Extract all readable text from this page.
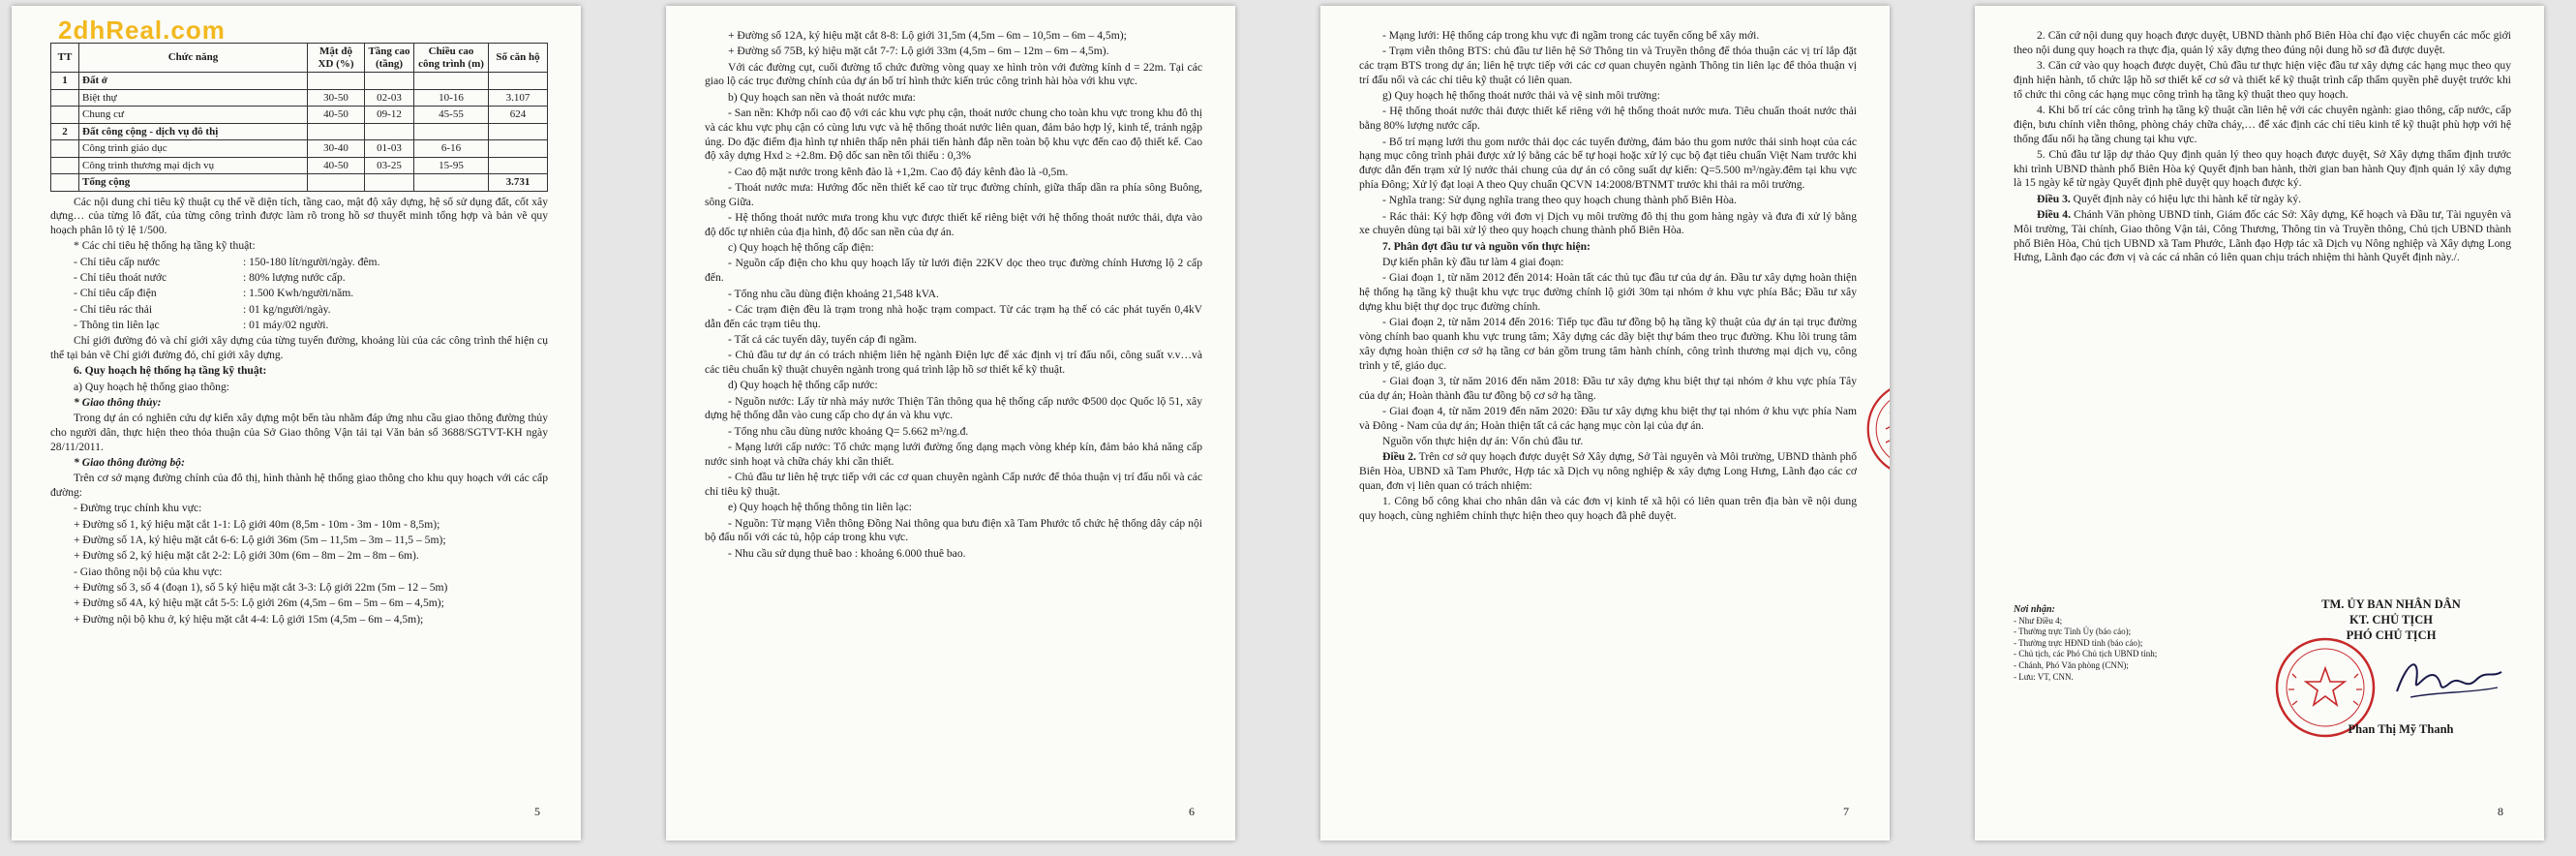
2dhReal.com
TT	Chức năng	Mật độ XD (%)	Tầng cao (tầng)	Chiều cao công trình (m)	Số căn hộ
1	Đất ở				
	Biệt thự	30-50	02-03	10-16	3.107
	Chung cư	40-50	09-12	45-55	624
2	Đất công cộng - dịch vụ đô thị				
	Công trình giáo dục	30-40	01-03	6-16	
	Công trình thương mại dịch vụ	40-50	03-25	15-95	
	Tổng cộng				3.731

Các nội dung chỉ tiêu kỹ thuật cụ thể về diện tích, tầng cao, mật độ xây dựng, hệ số sử dụng đất, cốt xây dựng… của từng lô đất, của từng công trình được làm rõ trong hồ sơ thuyết minh tổng hợp và bản vẽ quy hoạch phân lô tỷ lệ 1/500.

* Các chỉ tiêu hệ thống hạ tầng kỹ thuật:

- Chỉ tiêu cấp nước	: 150-180 lít/người/ngày. đêm.
- Chỉ tiêu thoát nước	: 80% lượng nước cấp.
- Chỉ tiêu cấp điện	: 1.500 Kwh/người/năm.
- Chỉ tiêu rác thải	: 01 kg/người/ngày.
- Thông tin liên lạc	: 01 máy/02 người.

Chỉ giới đường đỏ và chỉ giới xây dựng của từng tuyến đường, khoảng lùi của các công trình thể hiện cụ thể tại bản vẽ Chỉ giới đường đỏ, chỉ giới xây dựng.

6. Quy hoạch hệ thống hạ tầng kỹ thuật:

a) Quy hoạch hệ thống giao thông:

* Giao thông thủy:

Trong dự án có nghiên cứu dự kiến xây dựng một bến tàu nhằm đáp ứng nhu cầu giao thông đường thủy cho người dân, thực hiện theo thỏa thuận của Sở Giao thông Vận tải tại Văn bản số 3688/SGTVT-KH ngày 28/11/2011.

* Giao thông đường bộ:

Trên cơ sở mạng đường chính của đô thị, hình thành hệ thống giao thông cho khu quy hoạch với các cấp đường:

- Đường trục chính khu vực:

+ Đường số 1, ký hiệu mặt cắt 1-1: Lộ giới 40m (8,5m - 10m - 3m - 10m - 8,5m);

+ Đường số 1A, ký hiệu mặt cắt 6-6: Lộ giới 36m (5m – 11,5m – 3m – 11,5 – 5m);

+ Đường số 2, ký hiệu mặt cắt 2-2: Lộ giới 30m (6m – 8m – 2m – 8m – 6m).

- Giao thông nội bộ của khu vực:

+ Đường số 3, số 4 (đoạn 1), số 5 ký hiệu mặt cắt 3-3: Lộ giới 22m (5m – 12 – 5m)

+ Đường số 4A, ký hiệu mặt cắt 5-5: Lộ giới 26m (4,5m – 6m – 5m – 6m – 4,5m);

+ Đường nội bộ khu ở, ký hiệu mặt cắt 4-4: Lộ giới 15m (4,5m – 6m – 4,5m);

5

+ Đường số 12A, ký hiệu mặt cắt 8-8: Lộ giới 31,5m (4,5m – 6m – 10,5m – 6m – 4,5m);

+ Đường số 75B, ký hiệu mặt cắt 7-7: Lộ giới 33m (4,5m – 6m – 12m – 6m – 4,5m).

Với các đường cụt, cuối đường tổ chức đường vòng quay xe hình tròn với đường kính d = 22m. Tại các giao lộ các trục đường chính của dự án bố trí hình thức kiến trúc công trình hài hòa với khu vực.

b) Quy hoạch san nền và thoát nước mưa:

- San nền: Khớp nối cao độ với các khu vực phụ cận, thoát nước chung cho toàn khu vực trong khu đô thị và các khu vực phụ cận có cùng lưu vực và hệ thống thoát nước liên quan, đảm bảo hợp lý, kinh tế, tránh ngập úng. Do đặc điểm địa hình tự nhiên thấp nên phải tiến hành đắp nền toàn bộ khu vực đến cao độ thiết kế. Cao độ xây dựng Hxd ≥ +2.8m. Độ dốc san nền tối thiểu : 0,3%

- Cao độ mặt nước trong kênh đào là +1,2m. Cao độ đáy kênh đào là -0,5m.

- Thoát nước mưa: Hướng đốc nền thiết kế cao từ trục đường chính, giữa thấp dần ra phía sông Buông, sông Giữa.

- Hệ thống thoát nước mưa trong khu vực được thiết kế riêng biệt với hệ thống thoát nước thải, dựa vào độ dốc tự nhiên của địa hình, độ dốc san nền của dự án.

c) Quy hoạch hệ thống cấp điện:

- Nguồn cấp điện cho khu quy hoạch lấy từ lưới điện 22KV dọc theo trục đường chính Hương lộ 2 cấp đến.

- Tổng nhu cầu dùng điện khoảng 21,548 kVA.

- Các trạm điện đều là trạm trong nhà hoặc trạm compact. Từ các trạm hạ thế có các phát tuyến 0,4kV dẫn đến các trạm tiêu thụ.

- Tất cả các tuyến dây, tuyến cáp đi ngầm.

- Chủ đầu tư dự án có trách nhiệm liên hệ ngành Điện lực để xác định vị trí đấu nối, công suất v.v…và các tiêu chuẩn kỹ thuật chuyên ngành trong quá trình lập hồ sơ thiết kế kỹ thuật.

d) Quy hoạch hệ thống cấp nước:

- Nguồn nước: Lấy từ nhà máy nước Thiện Tân thông qua hệ thống cấp nước Φ500 dọc Quốc lộ 51, xây dựng hệ thống dẫn vào cung cấp cho dự án và khu vực.

- Tổng nhu cầu dùng nước khoảng Q= 5.662 m³/ng.đ.

- Mạng lưới cấp nước: Tổ chức mạng lưới đường ống dạng mạch vòng khép kín, đảm bảo khả năng cấp nước sinh hoạt và chữa cháy khi cần thiết.

- Chủ đầu tư liên hệ trực tiếp với các cơ quan chuyên ngành Cấp nước để thỏa thuận vị trí đấu nối và các chỉ tiêu kỹ thuật.

e) Quy hoạch hệ thống thông tin liên lạc:

- Nguồn: Từ mạng Viễn thông Đồng Nai thông qua bưu điện xã Tam Phước tổ chức hệ thống dây cáp nội bộ đấu nối với các tủ, hộp cáp trong khu vực.

- Nhu cầu sử dụng thuê bao : khoảng 6.000 thuê bao.

6

- Mạng lưới: Hệ thống cáp trong khu vực đi ngầm trong các tuyến cống bể xây mới.

- Trạm viễn thông BTS: chủ đầu tư liên hệ Sở Thông tin và Truyền thông để thỏa thuận các vị trí lắp đặt các trạm BTS trong dự án; liên hệ trực tiếp với các cơ quan chuyên ngành Thông tin liên lạc để thỏa thuận vị trí đấu nối và các chỉ tiêu kỹ thuật có liên quan.

g) Quy hoạch hệ thống thoát nước thải và vệ sinh môi trường:

- Hệ thống thoát nước thải được thiết kế riêng với hệ thống thoát nước mưa. Tiêu chuẩn thoát nước thải bằng 80% lượng nước cấp.

- Bố trí mạng lưới thu gom nước thải dọc các tuyến đường, đảm bảo thu gom nước thải sinh hoạt của các hạng mục công trình phải được xử lý bằng các bể tự hoại hoặc xử lý cục bộ đạt tiêu chuẩn Việt Nam trước khi được dẫn đến trạm xử lý nước thải chung của dự án có công suất dự kiến: Q=5.500 m³/ngày.đêm tại khu vực phía Đông; Xử lý đạt loại A theo Quy chuẩn QCVN 14:2008/BTNMT trước khi thải ra môi trường.

- Nghĩa trang: Sử dụng nghĩa trang theo quy hoạch chung thành phố Biên Hòa.

- Rác thải: Ký hợp đồng với đơn vị Dịch vụ môi trường đô thị thu gom hàng ngày và đưa đi xử lý bằng xe chuyên dùng tại bãi xử lý theo quy hoạch chung thành phố Biên Hòa.

7. Phân đợt đầu tư và nguồn vốn thực hiện:

Dự kiến phân kỳ đầu tư làm 4 giai đoạn:

- Giai đoạn 1, từ năm 2012 đến 2014: Hoàn tất các thủ tục đầu tư của dự án. Đầu tư xây dựng hoàn thiện hệ thống hạ tầng kỹ thuật khu vực trục đường chính lộ giới 30m tại nhóm ở khu vực phía Bắc; Đầu tư xây dựng khu biệt thự dọc trục đường chính.

- Giai đoạn 2, từ năm 2014 đến 2016: Tiếp tục đầu tư đồng bộ hạ tầng kỹ thuật của dự án tại trục đường vòng chính bao quanh khu vực trung tâm; Xây dựng các dãy biệt thự bám theo trục đường. Khu lõi trung tâm xây dựng hoàn thiện cơ sở hạ tầng cơ bản gồm trung tâm hành chính, công trình thương mại dịch vụ, công trình y tế, giáo dục.

- Giai đoạn 3, từ năm 2016 đến năm 2018: Đầu tư xây dựng khu biệt thự tại nhóm ở khu vực phía Tây của dự án; Hoàn thành đầu tư đồng bộ cơ sở hạ tầng.

- Giai đoạn 4, từ năm 2019 đến năm 2020: Đầu tư xây dựng khu biệt thự tại nhóm ở khu vực phía Nam và Đông - Nam của dự án; Hoàn thiện tất cả các hạng mục còn lại của dự án.

Nguồn vốn thực hiện dự án: Vốn chủ đầu tư.

Điều 2. Trên cơ sở quy hoạch được duyệt Sở Xây dựng, Sở Tài nguyên và Môi trường, UBND thành phố Biên Hòa, UBND xã Tam Phước, Hợp tác xã Dịch vụ nông nghiệp & xây dựng Long Hưng, Lãnh đạo các cơ quan, đơn vị liên quan có trách nhiệm:

1. Công bố công khai cho nhân dân và các đơn vị kinh tế xã hội có liên quan trên địa bàn về nội dung quy hoạch, cùng nghiêm chỉnh thực hiện theo quy hoạch đã phê duyệt.

7

2. Căn cứ nội dung quy hoạch được duyệt, UBND thành phố Biên Hòa chỉ đạo việc chuyển các mốc giới theo nội dung quy hoạch ra thực địa, quản lý xây dựng theo đúng nội dung hồ sơ đã được duyệt.

3. Căn cứ vào quy hoạch được duyệt, Chủ đầu tư thực hiện việc đầu tư xây dựng các hạng mục theo quy định hiện hành, tổ chức lập hồ sơ thiết kế cơ sở và thiết kế kỹ thuật trình cấp thẩm quyền phê duyệt trước khi tổ chức thi công các hạng mục công trình hạ tầng kỹ thuật theo quy hoạch.

4. Khi bố trí các công trình hạ tầng kỹ thuật cần liên hệ với các chuyên ngành: giao thông, cấp nước, cấp điện, bưu chính viễn thông, phòng cháy chữa cháy,… để xác định các chỉ tiêu kinh tế kỹ thuật phù hợp với hệ thống đấu nối hạ tầng chung tại khu vực.

5. Chủ đầu tư lập dự thảo Quy định quản lý theo quy hoạch được duyệt, Sở Xây dựng thẩm định trước khi trình UBND thành phố Biên Hòa ký Quyết định ban hành, thời gian ban hành Quy định quản lý xây dựng là 15 ngày kể từ ngày Quyết định phê duyệt quy hoạch được ký.

Điều 3. Quyết định này có hiệu lực thi hành kể từ ngày ký.

Điều 4. Chánh Văn phòng UBND tỉnh, Giám đốc các Sở: Xây dựng, Kế hoạch và Đầu tư, Tài nguyên và Môi trường, Tài chính, Giao thông Vận tải, Công Thương, Thông tin và Truyền thông, Chủ tịch UBND thành phố Biên Hòa, Chủ tịch UBND xã Tam Phước, Lãnh đạo Hợp tác xã Dịch vụ Nông nghiệp và Xây dựng Long Hưng, Lãnh đạo các đơn vị và các cá nhân có liên quan chịu trách nhiệm thi hành Quyết định này./.

Nơi nhận:
- Như Điều 4;
- Thường trực Tỉnh Ủy (báo cáo);
- Thường trực HĐND tỉnh (báo cáo);
- Chủ tịch, các Phó Chủ tịch UBND tỉnh;
- Chánh, Phó Văn phòng (CNN);
- Lưu: VT, CNN.
TM. ỦY BAN NHÂN DÂN
KT. CHỦ TỊCH
PHÓ CHỦ TỊCH
Phan Thị Mỹ Thanh
8
